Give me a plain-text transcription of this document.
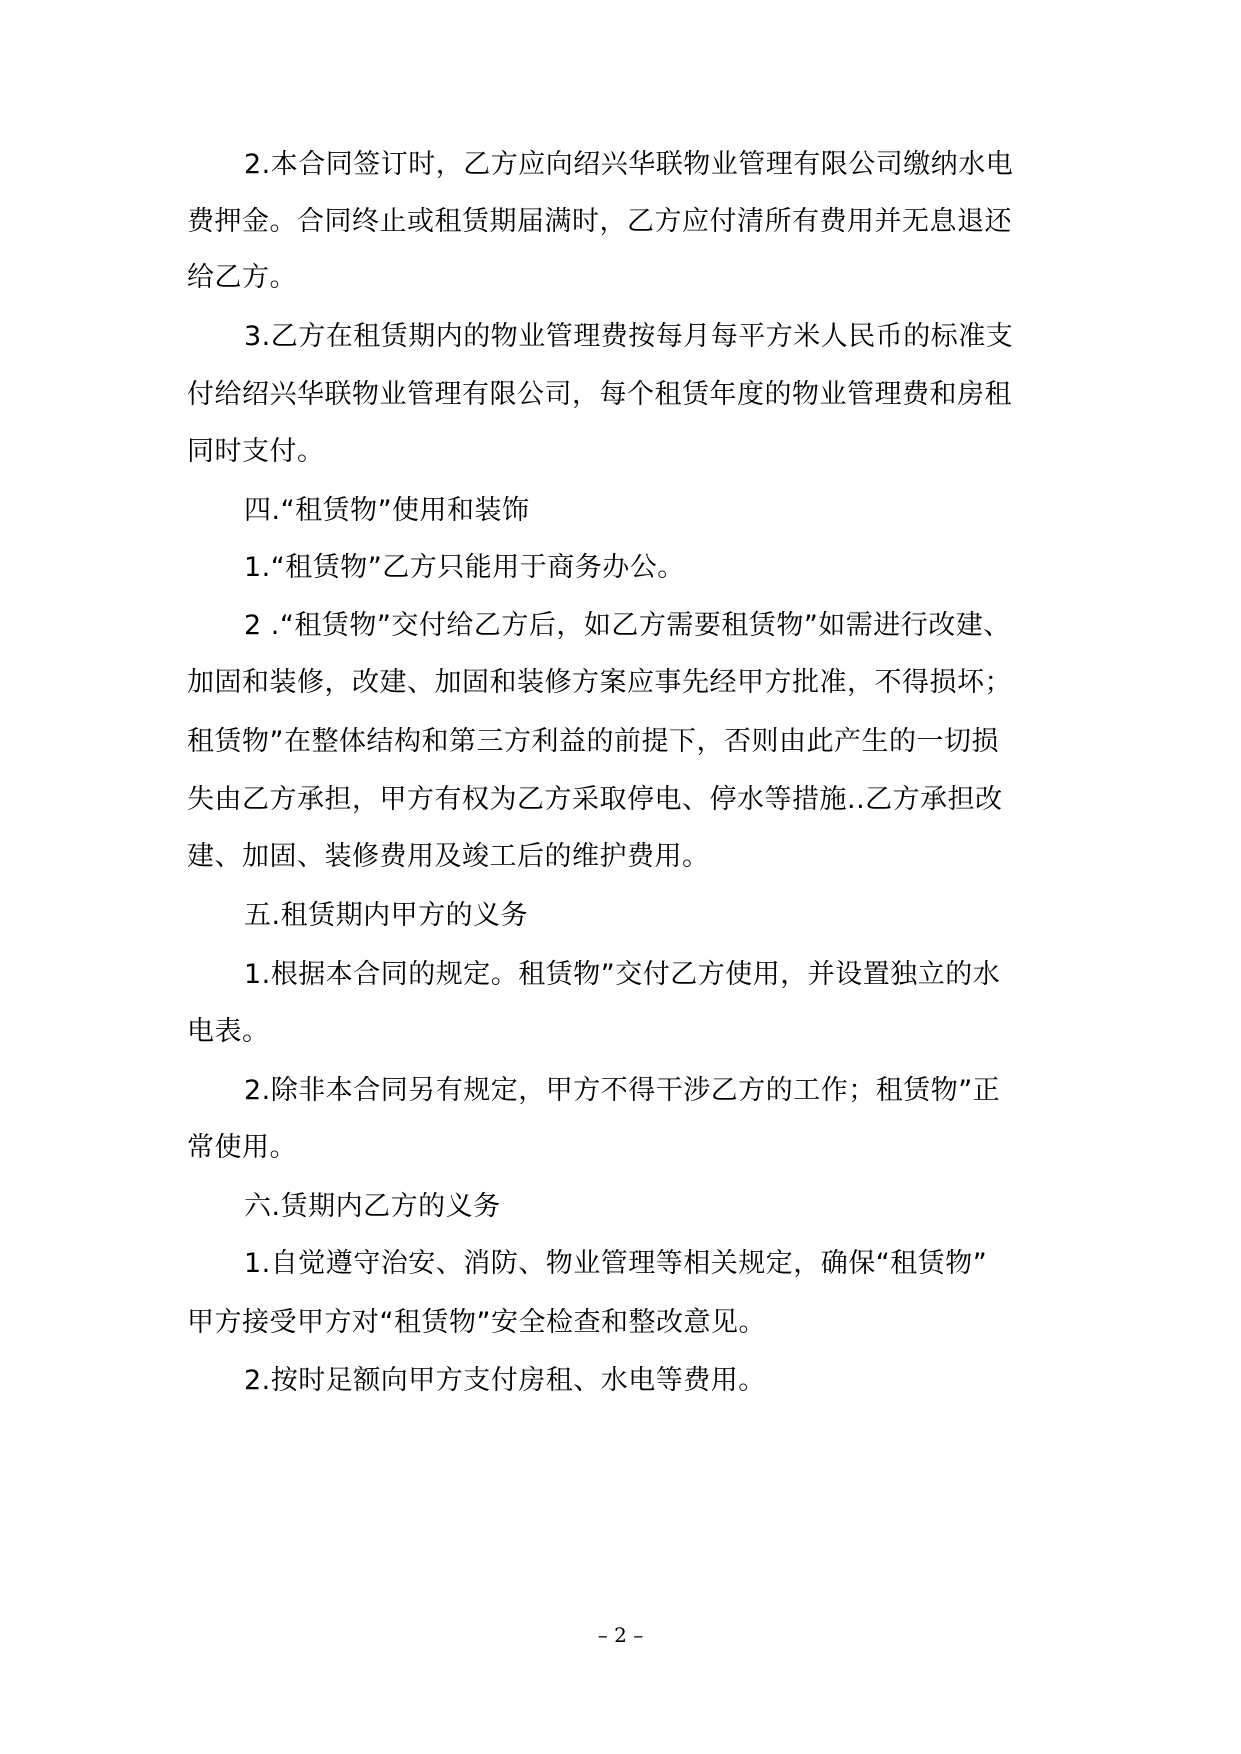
2.本合同签订时，乙方应向绍兴华联物业管理有限公司缴纳水电
费押金。合同终止或租赁期届满时，乙方应付清所有费用并无息退还
给乙方。
3.乙方在租赁期内的物业管理费按每月每平方米人民币的标准支
付给绍兴华联物业管理有限公司，每个租赁年度的物业管理费和房租
同时支付。
四.“租赁物”使用和装饰
1.“租赁物”乙方只能用于商务办公。
2 .“租赁物”交付给乙方后，如乙方需要租赁物”如需进行改建、
加固和装修，改建、加固和装修方案应事先经甲方批准，不得损坏；
租赁物”在整体结构和第三方利益的前提下，否则由此产生的一切损
失由乙方承担，甲方有权为乙方采取停电、停水等措施..乙方承担改
建、加固、装修费用及竣工后的维护费用。
五.租赁期内甲方的义务
1.根据本合同的规定。租赁物”交付乙方使用，并设置独立的水
电表。
2.除非本合同另有规定，甲方不得干涉乙方的工作；租赁物”正
常使用。
六.赁期内乙方的义务
1.自觉遵守治安、消防、物业管理等相关规定，确保“租赁物”
甲方接受甲方对“租赁物”安全检查和整改意见。
2.按时足额向甲方支付房租、水电等费用。
– 2 –
